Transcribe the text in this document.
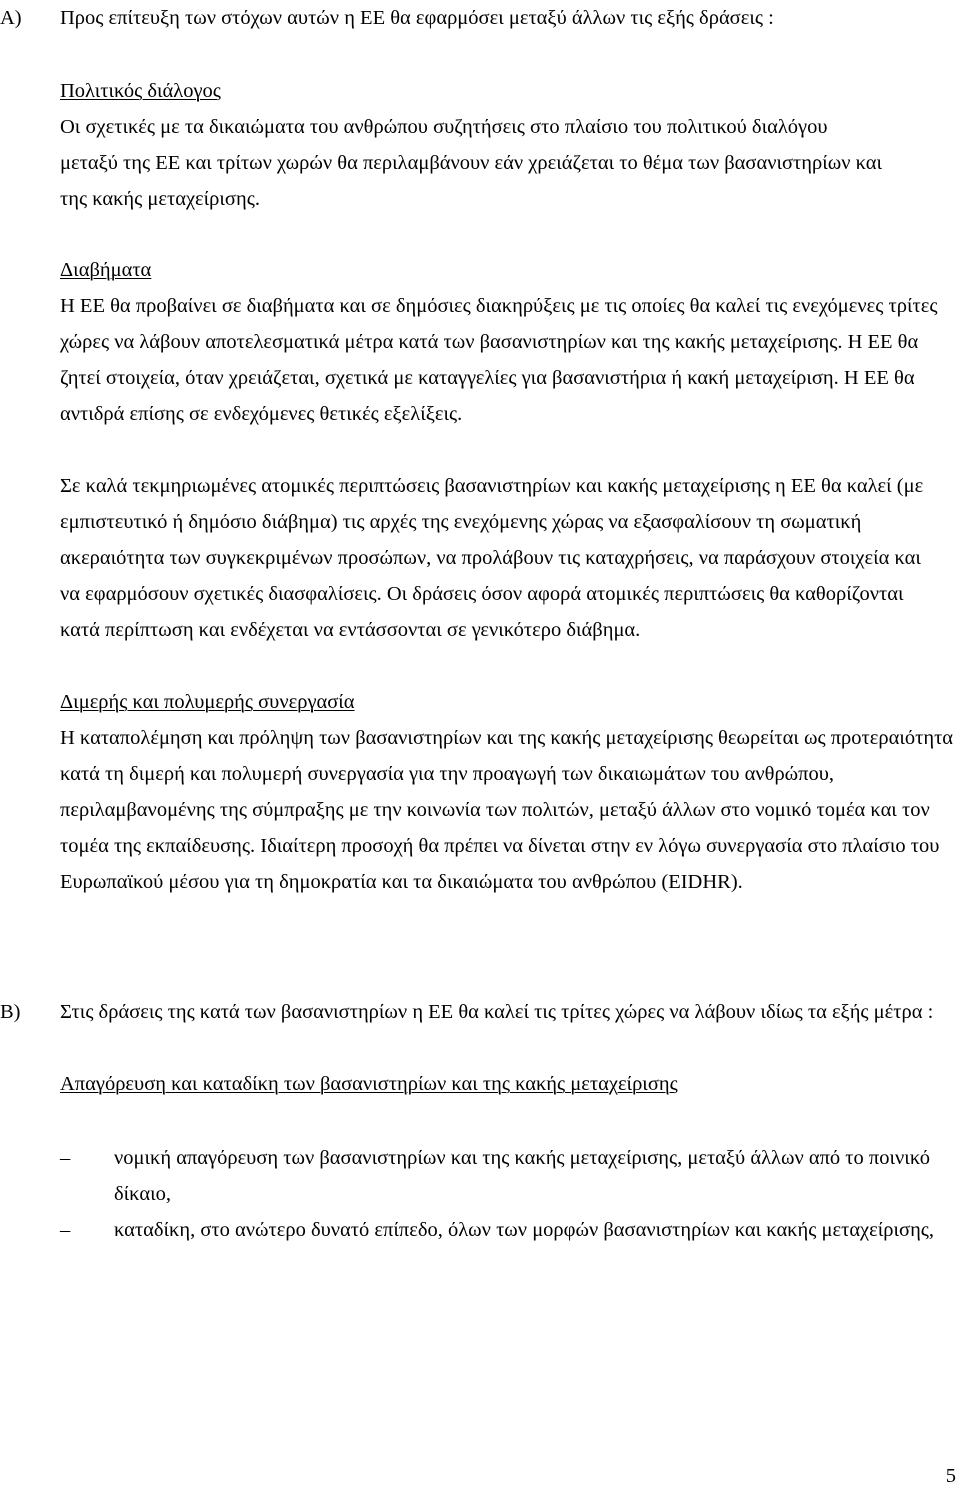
A) Προς επίτευξη των στόχων αυτών η ΕΕ θα εφαρμόσει μεταξύ άλλων τις εξής δράσεις :

Πολιτικός διάλογος

Οι σχετικές με τα δικαιώματα του ανθρώπου συζητήσεις στο πλαίσιο του πολιτικού διαλόγου μεταξύ της ΕΕ και τρίτων χωρών θα περιλαμβάνουν εάν χρειάζεται το θέμα των βασανιστηρίων και της κακής μεταχείρισης.

Διαβήματα

Η ΕΕ θα προβαίνει σε διαβήματα και σε δημόσιες διακηρύξεις με τις οποίες θα καλεί τις ενεχόμενες τρίτες χώρες να λάβουν αποτελεσματικά μέτρα κατά των βασανιστηρίων και της κακής μεταχείρισης. Η ΕΕ θα ζητεί στοιχεία, όταν χρειάζεται, σχετικά με καταγγελίες για βασανιστήρια ή κακή μεταχείριση. Η ΕΕ θα αντιδρά επίσης σε ενδεχόμενες θετικές εξελίξεις.

Σε καλά τεκμηριωμένες ατομικές περιπτώσεις βασανιστηρίων και κακής μεταχείρισης η ΕΕ θα καλεί (με εμπιστευτικό ή δημόσιο διάβημα) τις αρχές της ενεχόμενης χώρας να εξασφαλίσουν τη σωματική ακεραιότητα των συγκεκριμένων προσώπων, να προλάβουν τις καταχρήσεις, να παράσχουν στοιχεία και να εφαρμόσουν σχετικές διασφαλίσεις. Οι δράσεις όσον αφορά ατομικές περιπτώσεις θα καθορίζονται κατά περίπτωση και ενδέχεται να εντάσσονται σε γενικότερο διάβημα.

Διμερής και πολυμερής συνεργασία

Η καταπολέμηση και πρόληψη των βασανιστηρίων και της κακής μεταχείρισης θεωρείται ως προτεραιότητα κατά τη διμερή και πολυμερή συνεργασία για την προαγωγή των δικαιωμάτων του ανθρώπου, περιλαμβανομένης της σύμπραξης με την κοινωνία των πολιτών, μεταξύ άλλων στο νομικό τομέα και τον τομέα της εκπαίδευσης. Ιδιαίτερη προσοχή θα πρέπει να δίνεται στην εν λόγω συνεργασία στο πλαίσιο του Ευρωπαϊκού μέσου για τη δημοκρατία και τα δικαιώματα του ανθρώπου (EIDHR).

B) Στις δράσεις της κατά των βασανιστηρίων η ΕΕ θα καλεί τις τρίτες χώρες να λάβουν ιδίως τα εξής μέτρα :

Απαγόρευση και καταδίκη των βασανιστηρίων και της κακής μεταχείρισης

–	νομική απαγόρευση των βασανιστηρίων και της κακής μεταχείρισης, μεταξύ άλλων από το ποινικό δίκαιο,
–	καταδίκη, στο ανώτερο δυνατό επίπεδο, όλων των μορφών βασανιστηρίων και κακής μεταχείρισης,
5
